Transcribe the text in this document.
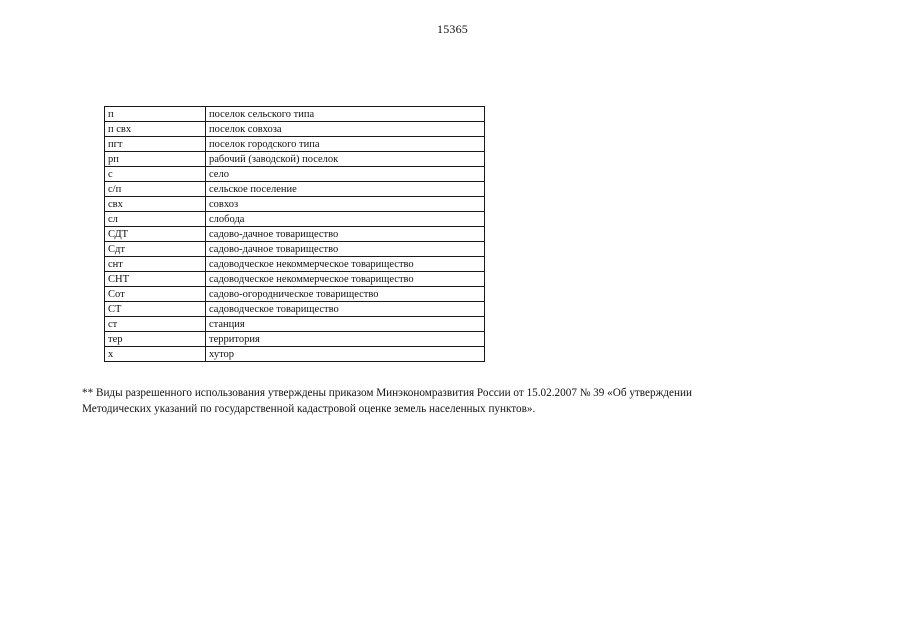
15365
п	поселок сельского типа
п свх	поселок совхоза
пгт	поселок городского типа
рп	рабочий (заводской) поселок
с	село
с/п	сельское поселение
свх	совхоз
сл	слобода
СДТ	садово-дачное товарищество
Сдт	садово-дачное товарищество
снт	садоводческое некоммерческое товарищество
СНТ	садоводческое некоммерческое товарищество
Сот	садово-огородническое товарищество
СТ	садоводческое товарищество
ст	станция
тер	территория
х	хутор
** Виды разрешенного использования утверждены приказом Минэкономразвития России от 15.02.2007 № 39 «Об утверждении
Методических указаний по государственной кадастровой оценке земель населенных пунктов».
